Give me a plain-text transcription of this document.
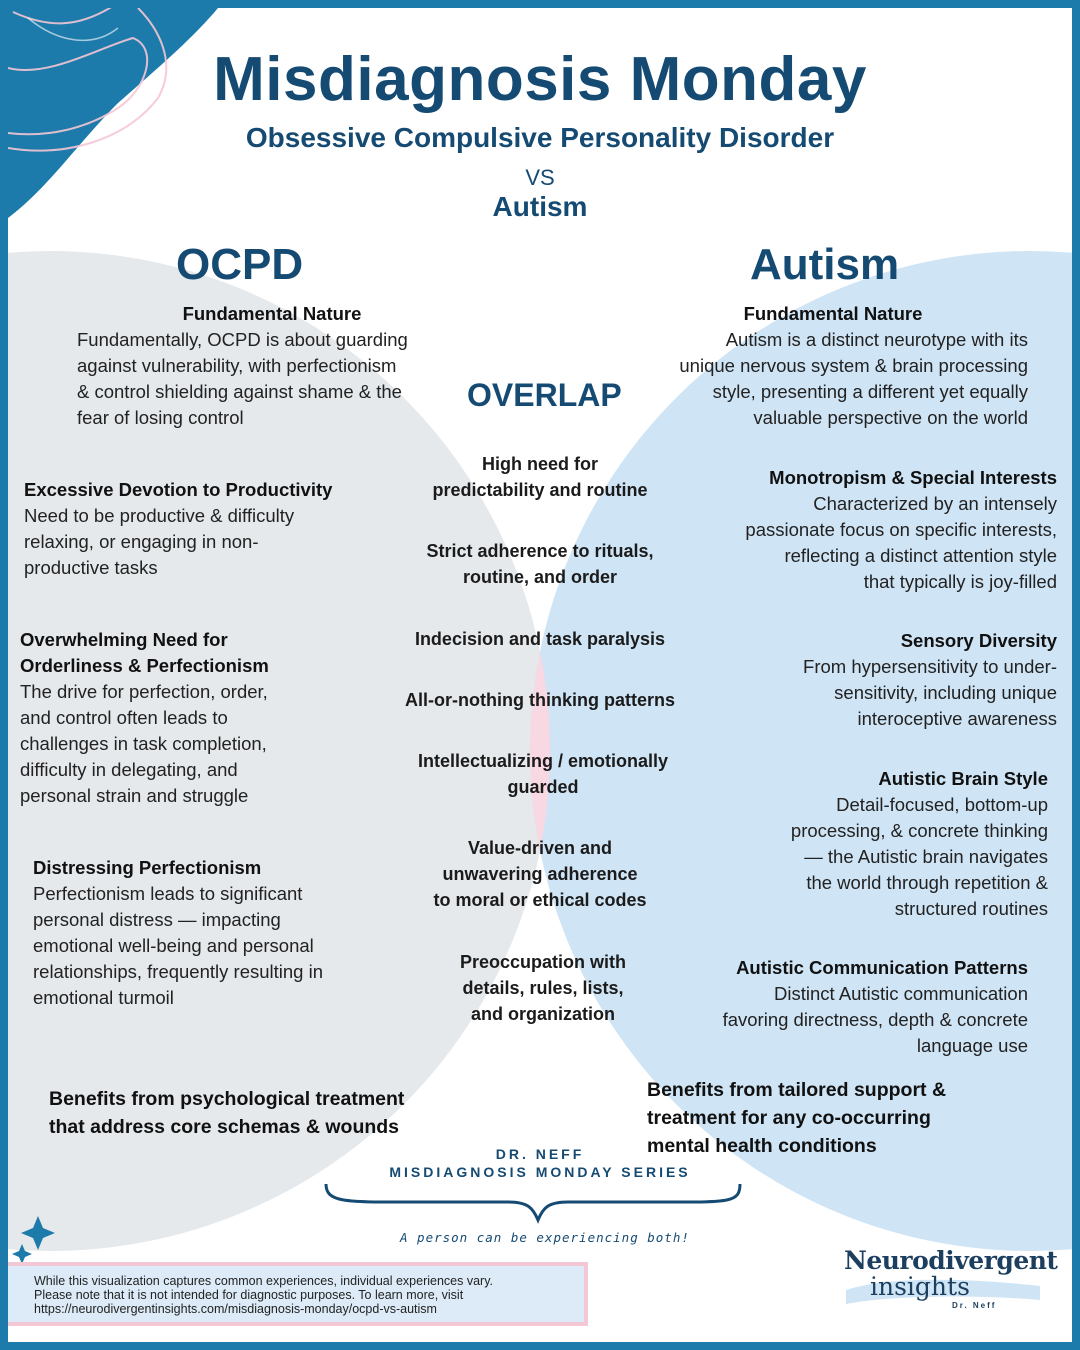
Misdiagnosis Monday
Obsessive Compulsive Personality Disorder
VS
Autism
OCPD	Autism
OVERLAP
Fundamental Nature
Fundamentally, OCPD is about guarding
against vulnerability, with perfectionism
& control shielding against shame & the
fear of losing control
Excessive Devotion to Productivity
Need to be productive & difficulty
relaxing, or engaging in non-
productive tasks
Overwhelming Need for
Orderliness & Perfectionism
The drive for perfection, order,
and control often leads to
challenges in task completion,
difficulty in delegating, and
personal strain and struggle
Distressing Perfectionism
Perfectionism leads to significant
personal distress — impacting
emotional well-being and personal
relationships, frequently resulting in
emotional turmoil
Benefits from psychological treatment
that address core schemas & wounds
Fundamental Nature
Autism is a distinct neurotype with its
unique nervous system & brain processing
style, presenting a different yet equally
valuable perspective on the world
Monotropism & Special Interests
Characterized by an intensely
passionate focus on specific interests,
reflecting a distinct attention style
that typically is joy-filled
Sensory Diversity
From hypersensitivity to under-
sensitivity, including unique
interoceptive awareness
Autistic Brain Style
Detail-focused, bottom-up
processing, & concrete thinking
— the Autistic brain navigates
the world through repetition &
structured routines
Autistic Communication Patterns
Distinct Autistic communication
favoring directness, depth & concrete
language use
Benefits from tailored support &
treatment for any co-occurring
mental health conditions
High need for
predictability and routine
Strict adherence to rituals,
routine, and order
Indecision and task paralysis
All-or-nothing thinking patterns
Intellectualizing / emotionally
guarded
Value-driven and
unwavering adherence
to moral or ethical codes
Preoccupation with
details, rules, lists,
and organization
DR. NEFF
MISDIAGNOSIS MONDAY SERIES
A person can be experiencing both!
While this visualization captures common experiences, individual experiences vary.
Please note that it is not intended for diagnostic purposes. To learn more, visit
https://neurodivergentinsights.com/misdiagnosis-monday/ocpd-vs-autism
Neurodivergent
insights
Dr. Neff
